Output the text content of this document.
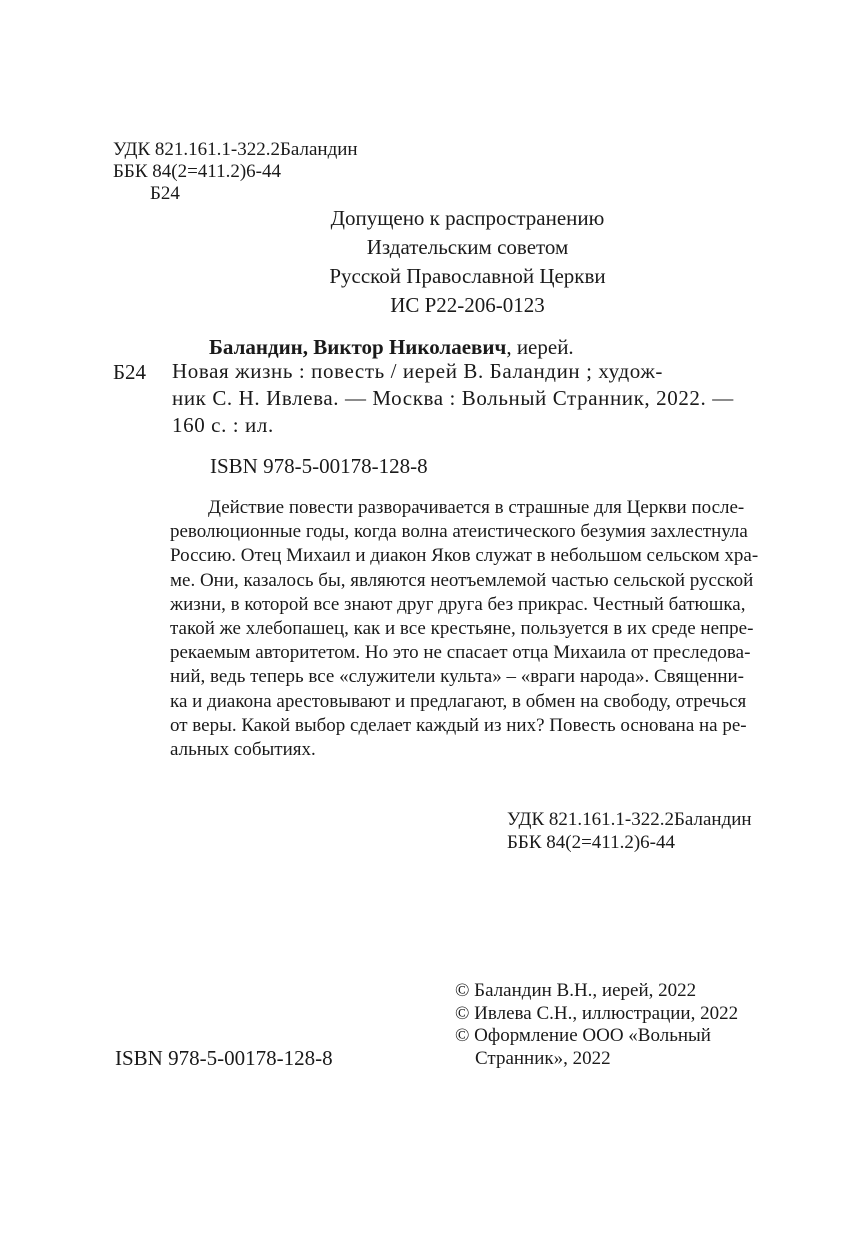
УДК 821.161.1-322.2Баландин
ББК 84(2=411.2)6-44
Б24
Допущено к распространению
Издательским советом
Русской Православной Церкви
ИС Р22-206-0123
Баландин, Виктор Николаевич, иерей.
Б24 Новая жизнь : повесть / иерей В. Баландин ; худож-
ник С. Н. Ивлева. — Москва : Вольный Странник, 2022. —
160 с. : ил.
ISBN 978-5-00178-128-8
Действие повести разворачивается в страшные для Церкви после-
революционные годы, когда волна атеистического безумия захлестнула
Россию. Отец Михаил и диакон Яков служат в небольшом сельском хра-
ме. Они, казалось бы, являются неотъемлемой частью сельской русской
жизни, в которой все знают друг друга без прикрас. Честный батюшка,
такой же хлебопашец, как и все крестьяне, пользуется в их среде непре-
рекаемым авторитетом. Но это не спасает отца Михаила от преследова-
ний, ведь теперь все «служители культа» – «враги народа». Священни-
ка и диакона арестовывают и предлагают, в обмен на свободу, отречься
от веры. Какой выбор сделает каждый из них? Повесть основана на ре-
альных событиях.
УДК 821.161.1-322.2Баландин
ББК 84(2=411.2)6-44
© Баландин В.Н., иерей, 2022
© Ивлева С.Н., иллюстрации, 2022
© Оформление ООО «Вольный
Странник», 2022
ISBN 978-5-00178-128-8
